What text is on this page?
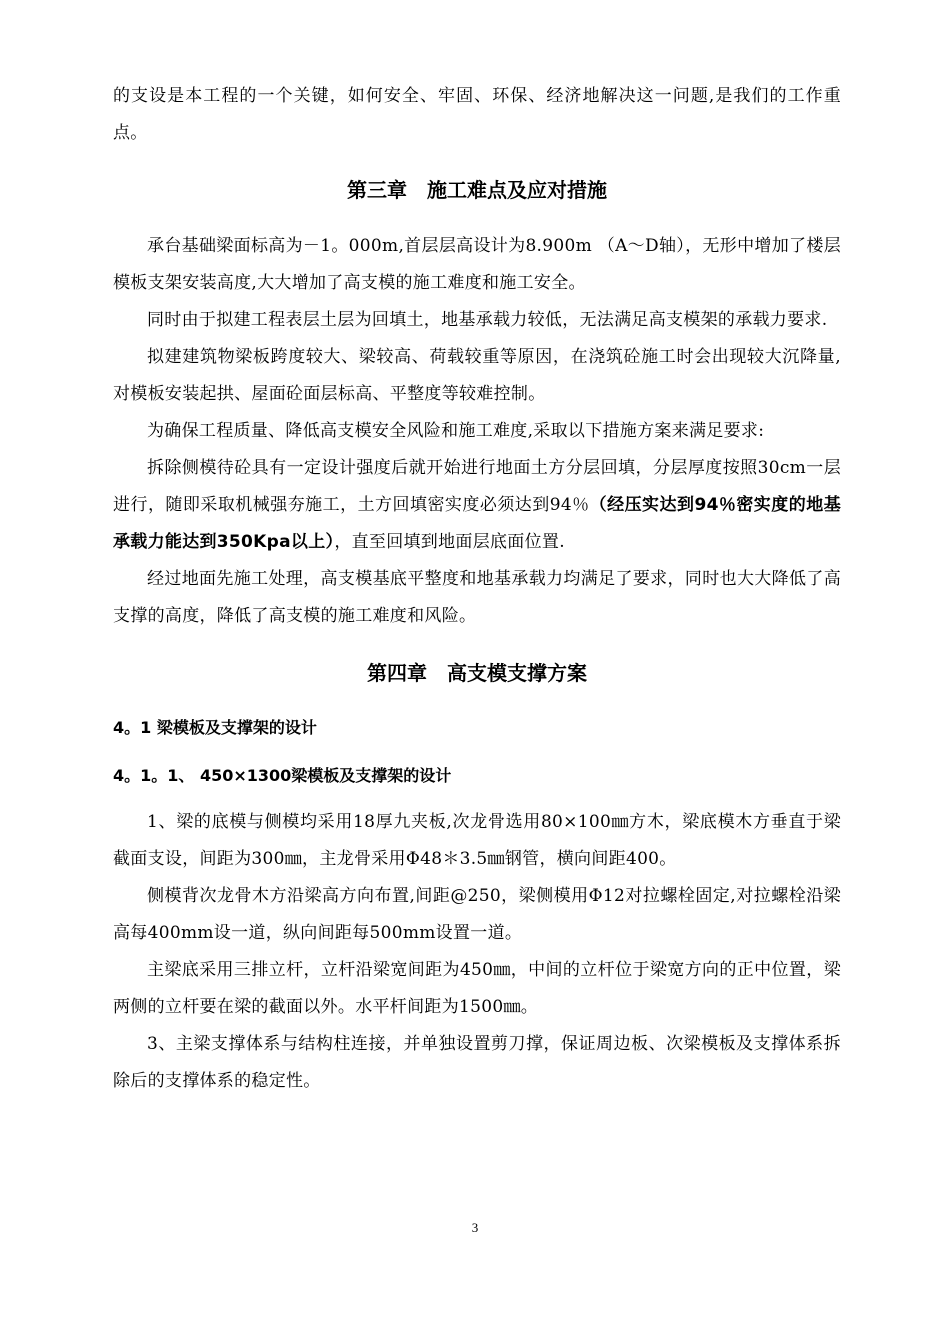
的支设是本工程的一个关键，如何安全、牢固、环保、经济地解决这一问题,是我们的工作重点。

第三章　施工难点及应对措施

承台基础梁面标高为－1。000m,首层层高设计为8.900m （A～D轴），无形中增加了楼层模板支架安装高度,大大增加了高支模的施工难度和施工安全。

同时由于拟建工程表层土层为回填土，地基承载力较低，无法满足高支模架的承载力要求.

拟建建筑物梁板跨度较大、梁较高、荷载较重等原因，在浇筑砼施工时会出现较大沉降量,对模板安装起拱、屋面砼面层标高、平整度等较难控制。

为确保工程质量、降低高支模安全风险和施工难度,采取以下措施方案来满足要求:

拆除侧模待砼具有一定设计强度后就开始进行地面土方分层回填，分层厚度按照30cm一层进行，随即采取机械强夯施工，土方回填密实度必须达到94％（经压实达到94％密实度的地基承载力能达到350Kpa以上），直至回填到地面层底面位置.

经过地面先施工处理，高支模基底平整度和地基承载力均满足了要求，同时也大大降低了高支撑的高度，降低了高支模的施工难度和风险。

第四章　高支模支撑方案
4。1 梁模板及支撑架的设计
4。1。1、 450×1300梁模板及支撑架的设计

1、梁的底模与侧模均采用18厚九夹板,次龙骨选用80×100㎜方木，梁底模木方垂直于梁截面支设，间距为300㎜，主龙骨采用Φ48＊3.5㎜钢管，横向间距400。

侧模背次龙骨木方沿梁高方向布置,间距@250，梁侧模用Φ12对拉螺栓固定,对拉螺栓沿梁高每400mm设一道，纵向间距每500mm设置一道。

主梁底采用三排立杆，立杆沿梁宽间距为450㎜，中间的立杆位于梁宽方向的正中位置，梁两侧的立杆要在梁的截面以外。水平杆间距为1500㎜。

3、主梁支撑体系与结构柱连接，并单独设置剪刀撑，保证周边板、次梁模板及支撑体系拆除后的支撑体系的稳定性。

3
